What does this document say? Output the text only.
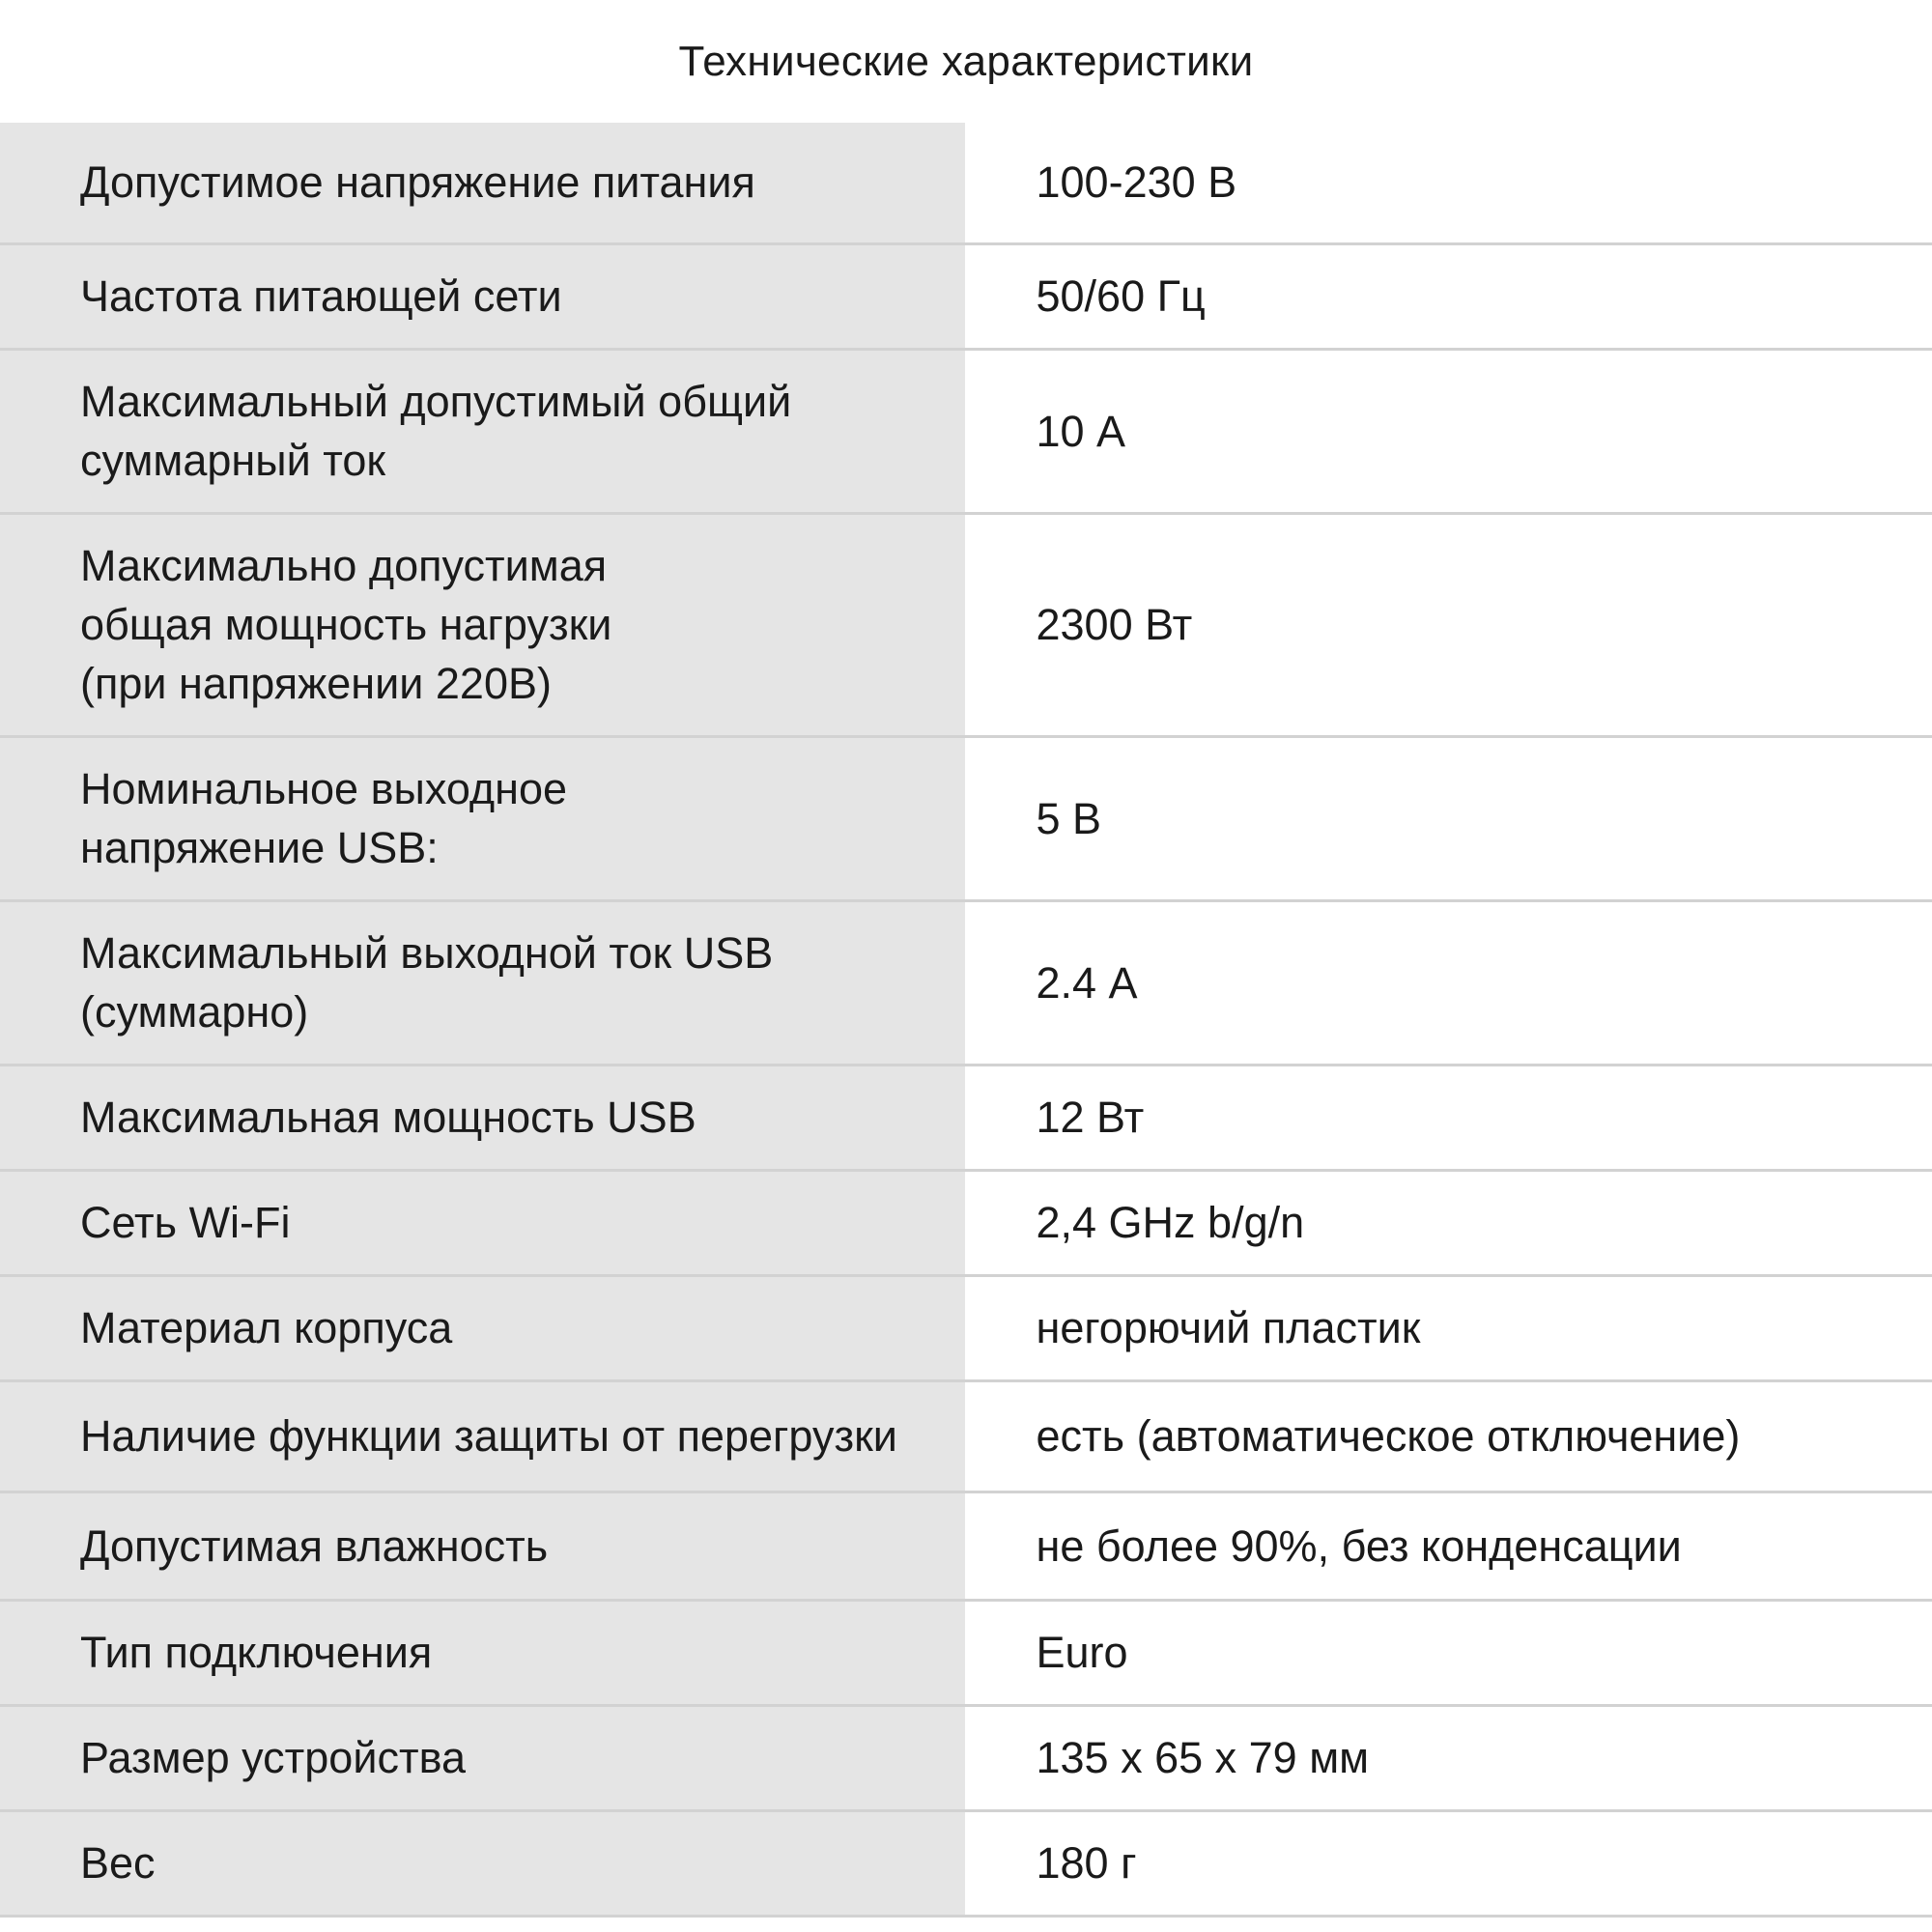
Технические характеристики
Допустимое напряжение питания	100-230 В

Частота питающей сети	50/60 Гц

Максимальный допустимый общий
суммарный ток	10 А

Максимально допустимая
общая мощность нагрузки
(при напряжении 220В)	2300 Вт

Номинальное выходное
напряжение USB:	5 В

Максимальный выходной ток USB
(суммарно)	2.4 А

Максимальная мощность USB	12 Вт

Сеть Wi-Fi	2,4 GHz b/g/n

Материал корпуса	негорючий пластик

Наличие функции защиты от перегрузки	есть (автоматическое отключение)

Допустимая влажность	не более 90%, без конденсации

Тип подключения	Euro

Размер устройства	135 х 65 х 79 мм

Вес	180 г
